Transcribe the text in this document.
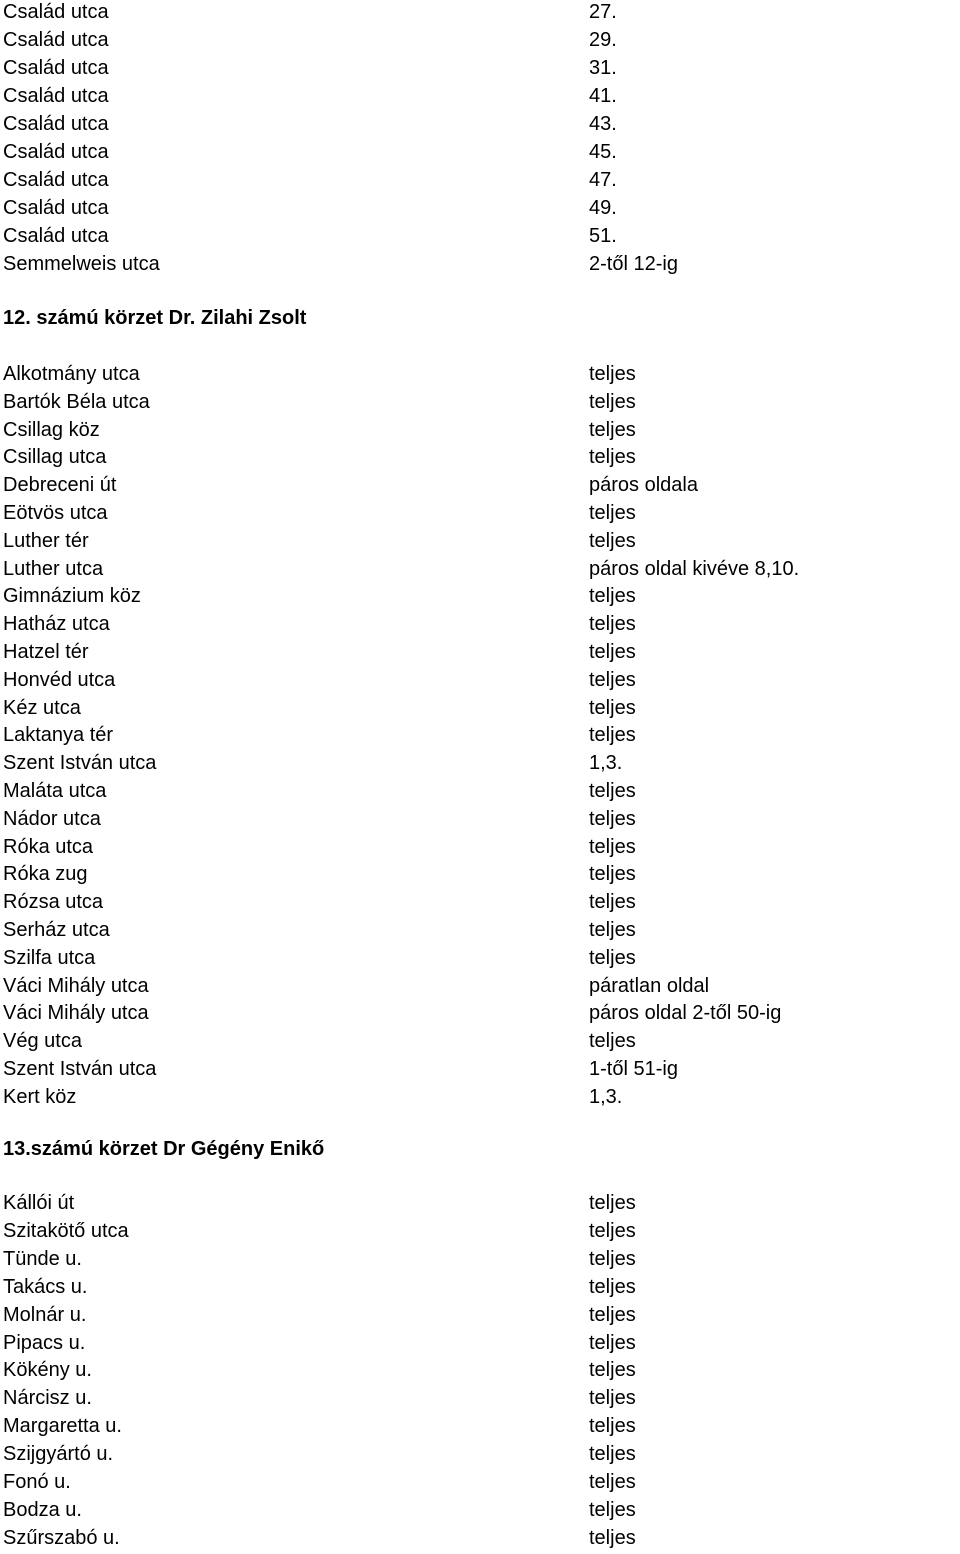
Család utca	27.
Család utca	29.
Család utca	31.
Család utca	41.
Család utca	43.
Család utca	45.
Család utca	47.
Család utca	49.
Család utca	51.
Semmelweis utca	2-től 12-ig
12. számú körzet Dr. Zilahi Zsolt
Alkotmány utca	teljes
Bartók Béla utca	teljes
Csillag köz	teljes
Csillag utca	teljes
Debreceni út	páros oldala
Eötvös utca	teljes
Luther tér	teljes
Luther utca	páros oldal kivéve 8,10.
Gimnázium köz	teljes
Hatház utca	teljes
Hatzel tér	teljes
Honvéd utca	teljes
Kéz utca	teljes
Laktanya tér	teljes
Szent István utca	1,3.
Maláta utca	teljes
Nádor utca	teljes
Róka utca	teljes
Róka zug	teljes
Rózsa utca	teljes
Serház utca	teljes
Szilfa utca	teljes
Váci Mihály utca	páratlan oldal
Váci Mihály utca	páros oldal 2-től 50-ig
Vég utca	teljes
Szent István utca	1-től 51-ig
Kert köz	1,3.
13.számú körzet Dr Gégény Enikő
Kállói út	teljes
Szitakötő utca	teljes
Tünde u.	teljes
Takács u.	teljes
Molnár u.	teljes
Pipacs u.	teljes
Kökény u.	teljes
Nárcisz u.	teljes
Margaretta u.	teljes
Szijgyártó u.	teljes
Fonó u.	teljes
Bodza u.	teljes
Szűrszabó u.	teljes
